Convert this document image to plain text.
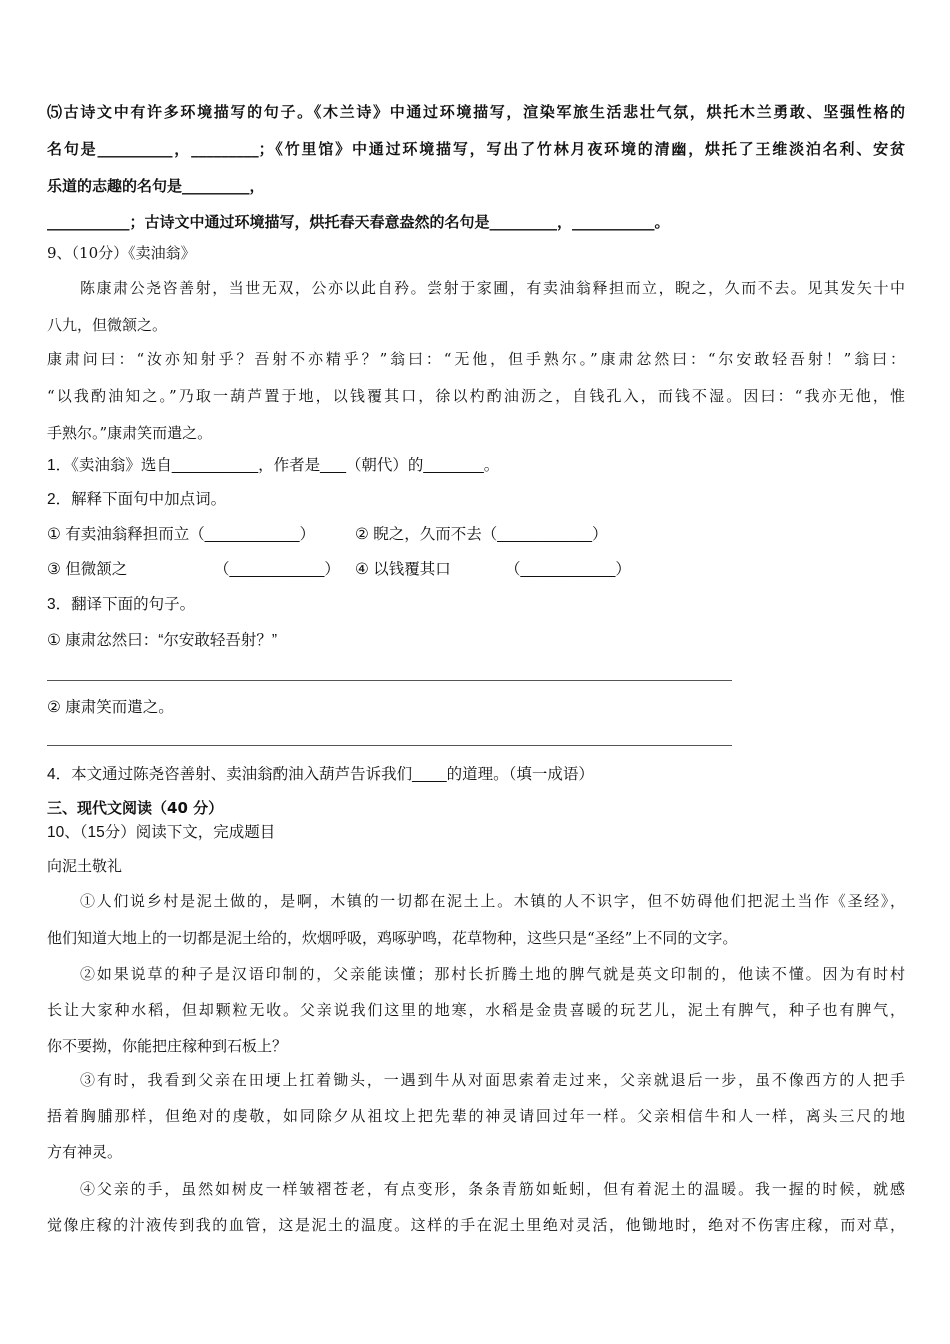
⑸古诗文中有许多环境描写的句子。《木兰诗》中通过环境描写，渲染军旅生活悲壮气氛，烘托木兰勇敢、坚强性格的
名句是__________，_________；《竹里馆》中通过环境描写，写出了竹林月夜环境的清幽，烘托了王维淡泊名利、安贫
乐道的志趣的名句是_________，
___________；古诗文中通过环境描写，烘托春天春意盎然的名句是_________，___________。
9、（10分）《卖油翁》
陈康肃公尧咨善射，当世无双，公亦以此自矜。尝射于家圃，有卖油翁释担而立，睨之，久而不去。见其发矢十中
八九，但微颔之。
康肃问曰：“汝亦知射乎？吾射不亦精乎？”翁曰：“无他，但手熟尔。”康肃忿然曰：“尔安敢轻吾射！”翁曰：
“以我酌油知之。”乃取一葫芦置于地，以钱覆其口，徐以杓酌油沥之，自钱孔入，而钱不湿。因曰：“我亦无他，惟
手熟尔。”康肃笑而遣之。
1．《卖油翁》选自__________，作者是___（朝代）的_______。
2．解释下面句中加点词。
① 有卖油翁释担而立（___________）	② 睨之，久而不去（___________）
③ 但微颔之	（___________） ④ 以钱覆其口	（___________）
3．翻译下面的句子。
① 康肃忿然曰：“尔安敢轻吾射？”
② 康肃笑而遣之。
4．本文通过陈尧咨善射、卖油翁酌油入葫芦告诉我们____的道理。（填一成语）
三、现代文阅读（40 分）
10、（15分）阅读下文，完成题目
向泥土敬礼
①人们说乡村是泥土做的，是啊，木镇的一切都在泥土上。木镇的人不识字，但不妨碍他们把泥土当作《圣经》，
他们知道大地上的一切都是泥土给的，炊烟呼吸，鸡啄驴鸣，花草物种，这些只是“圣经”上不同的文字。
②如果说草的种子是汉语印制的，父亲能读懂；那村长折腾土地的脾气就是英文印制的，他读不懂。因为有时村
长让大家种水稻，但却颗粒无收。父亲说我们这里的地寒，水稻是金贵喜暖的玩艺儿，泥土有脾气，种子也有脾气，
你不要拗，你能把庄稼种到石板上？
③有时，我看到父亲在田埂上扛着锄头，一遇到牛从对面思索着走过来，父亲就退后一步，虽不像西方的人把手
捂着胸脯那样，但绝对的虔敬，如同除夕从祖坟上把先辈的神灵请回过年一样。父亲相信牛和人一样，离头三尺的地
方有神灵。
④父亲的手，虽然如树皮一样皱褶苍老，有点变形，条条青筋如蚯蚓，但有着泥土的温暖。我一握的时候，就感
觉像庄稼的汁液传到我的血管，这是泥土的温度。这样的手在泥土里绝对灵活，他锄地时，绝对不伤害庄稼，而对草，
